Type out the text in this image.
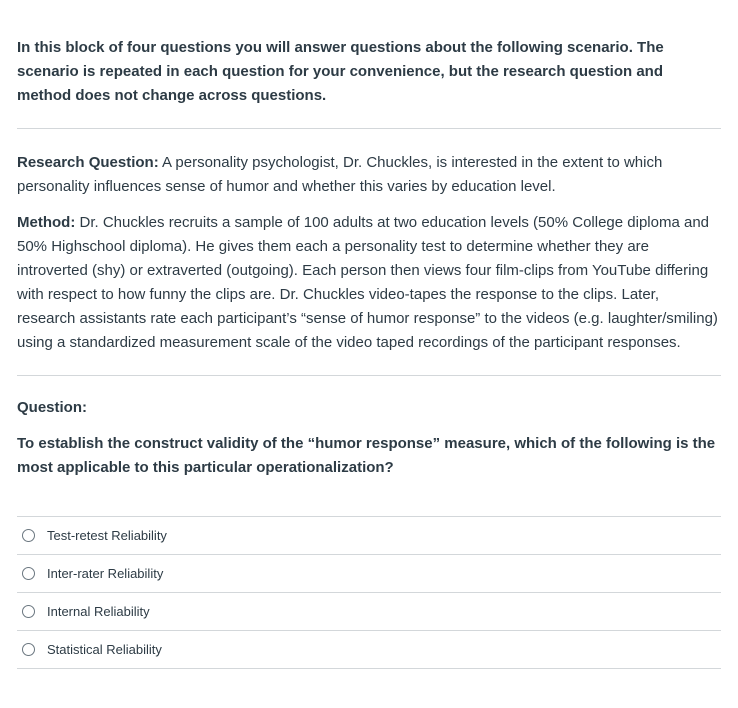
In this block of four questions you will answer questions about the following scenario. The scenario is repeated in each question for your convenience, but the research question and method does not change across questions.

Research Question: A personality psychologist, Dr. Chuckles, is interested in the extent to which personality influences sense of humor and whether this varies by education level.

Method: Dr. Chuckles recruits a sample of 100 adults at two education levels (50% College diploma and 50% Highschool diploma). He gives them each a personality test to determine whether they are introverted (shy) or extraverted (outgoing). Each person then views four film-clips from YouTube differing with respect to how funny the clips are. Dr. Chuckles video-tapes the response to the clips. Later, research assistants rate each participant’s “sense of humor response” to the videos (e.g. laughter/smiling) using a standardized measurement scale of the video taped recordings of the participant responses.

Question:

To establish the construct validity of the “humor response” measure, which of the following is the most applicable to this particular operationalization?

Test-retest Reliability
Inter-rater Reliability
Internal Reliability
Statistical Reliability
